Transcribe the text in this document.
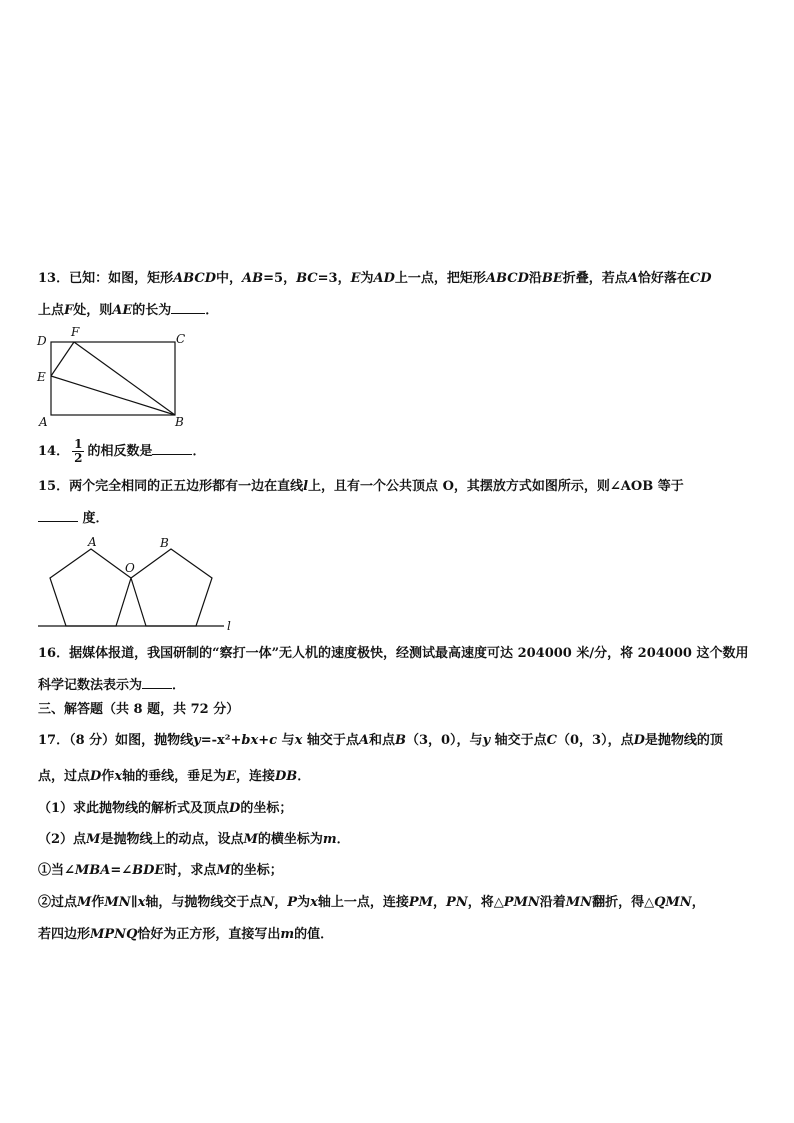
13．已知：如图，矩形ABCD中，AB=5，BC=3，E为AD上一点，把矩形ABCD沿BE折叠，若点A恰好落在CD
上点F处，则AE的长为	．
D
F	C
E
A	B
14． $\frac{1}{2}$ 的相反数是	．
15．两个完全相同的正五边形都有一边在直线l上，且有一个公共顶点 O，其摆放方式如图所示，则∠AOB 等于
度．
A
O
B
l
16．据媒体报道，我国研制的“察打一体”无人机的速度极快，经测试最高速度可达 204000 米/分，将 204000 这个数用
科学记数法表示为 ．
三、解答题（共 8 题，共 72 分）
17．（8 分）如图，抛物线y=-x²+bx+c 与x 轴交于点A和点B（3，0），与y 轴交于点C（0，3），点D是抛物线的顶
点，过点D作x轴的垂线，垂足为E，连接DB．
（1）求此抛物线的解析式及顶点D的坐标；
（2）点M是抛物线上的动点，设点M的横坐标为m．
①当∠MBA=∠BDE时，求点M的坐标；
②过点M作MN∥x轴，与抛物线交于点N，P为x轴上一点，连接PM，PN，将△PMN沿着MN翻折，得△QMN，
若四边形MPNQ恰好为正方形，直接写出m的值．
